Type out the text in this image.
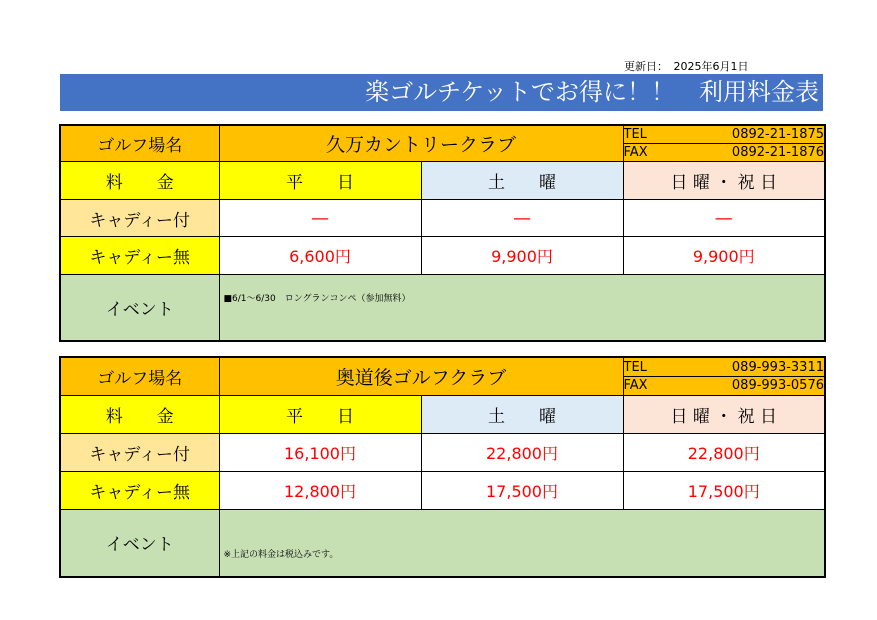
更新日：　2025年6月1日
楽ゴルチケットでお得に！！　利用料金表
ゴルフ場名	久万カントリークラブ		TEL 0892-21-1875
FAX 0892-21-1876

料　　金	平　　日	土　　曜	日 曜 ・ 祝 日
キャディー付	—	—	—
キャディー無	6,600円	9,900円	9,900円
イベント	■6/1～6/30　ロングランコンペ（参加無料）		
ゴルフ場名	奥道後ゴルフクラブ		TEL 089-993-3311
FAX 089-993-0576

料　　金	平　　日	土　　曜	日 曜 ・ 祝 日
キャディー付	16,100円	22,800円	22,800円
キャディー無	12,800円	17,500円	17,500円
イベント	※上記の料金は税込みです。		
